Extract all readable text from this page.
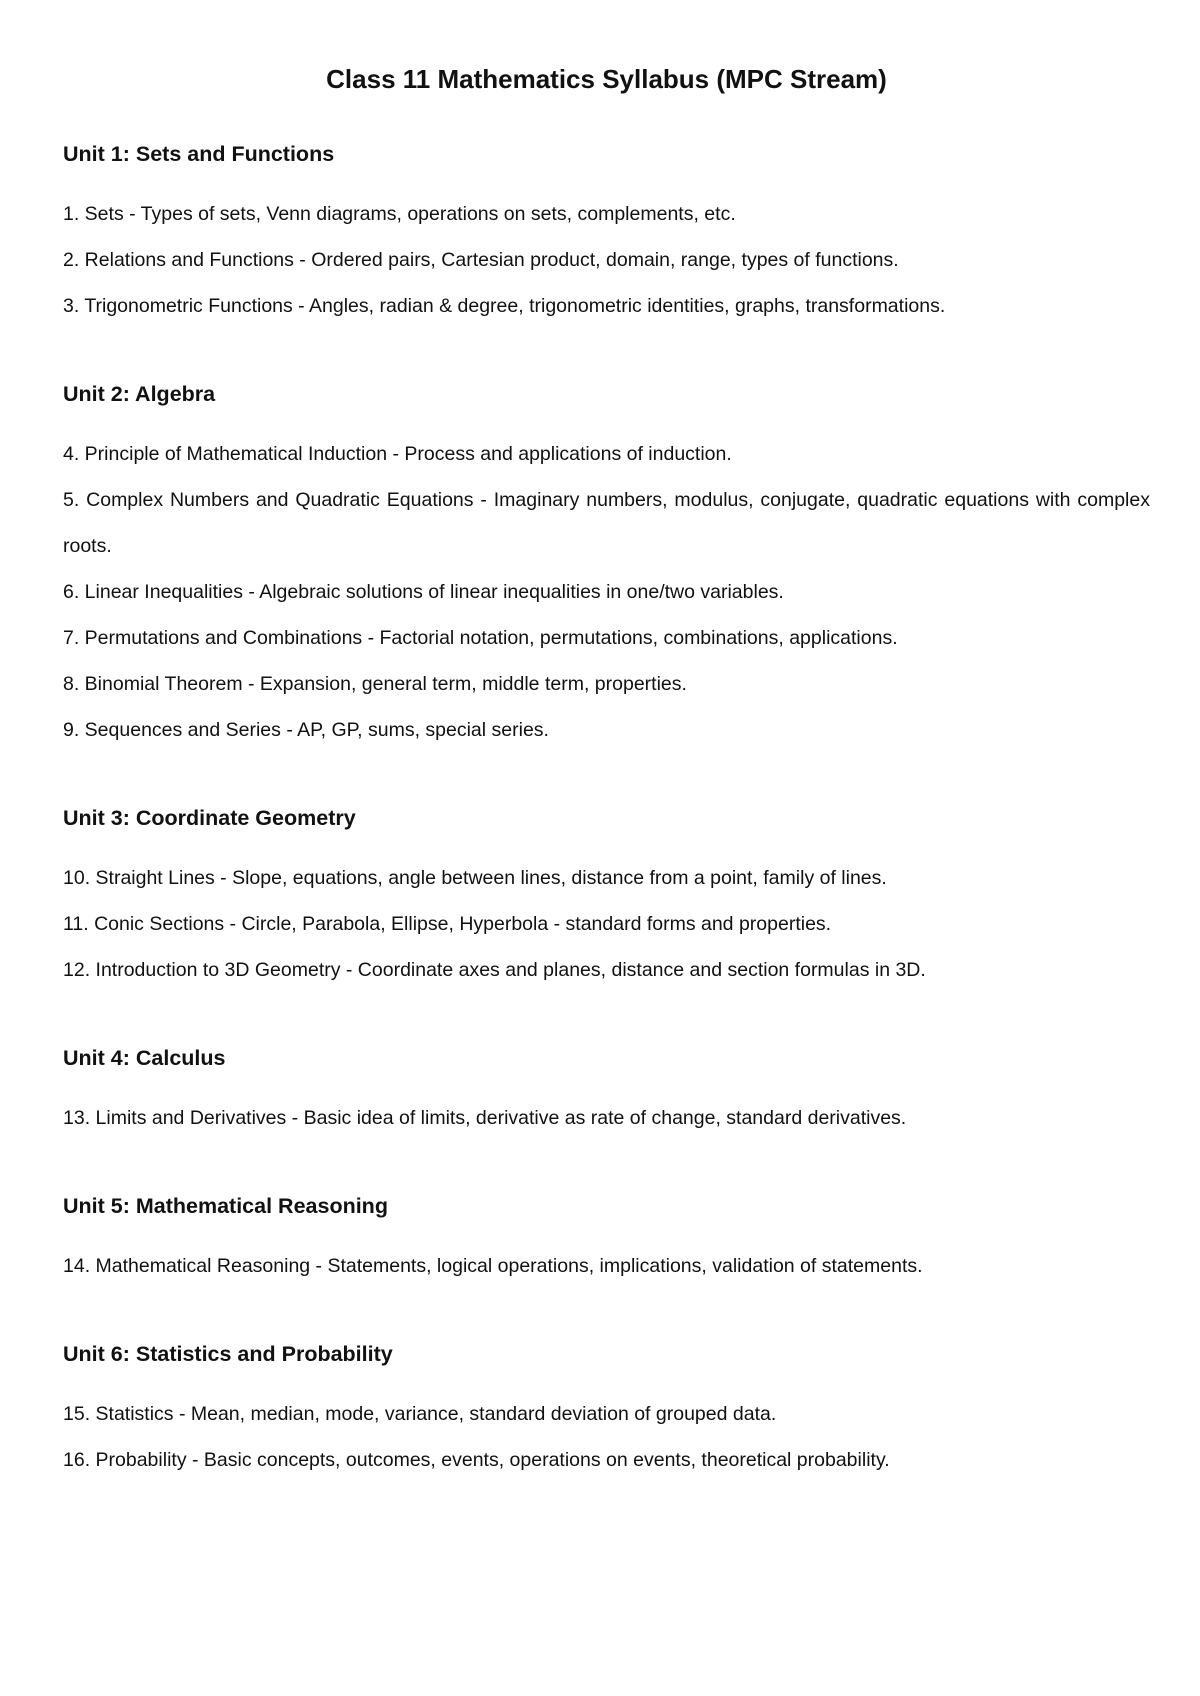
Class 11 Mathematics Syllabus (MPC Stream)
Unit 1: Sets and Functions

1. Sets - Types of sets, Venn diagrams, operations on sets, complements, etc.

2. Relations and Functions - Ordered pairs, Cartesian product, domain, range, types of functions.

3. Trigonometric Functions - Angles, radian & degree, trigonometric identities, graphs, transformations.

Unit 2: Algebra

4. Principle of Mathematical Induction - Process and applications of induction.

5. Complex Numbers and Quadratic Equations - Imaginary numbers, modulus, conjugate, quadratic equations with complex roots.

6. Linear Inequalities - Algebraic solutions of linear inequalities in one/two variables.

7. Permutations and Combinations - Factorial notation, permutations, combinations, applications.

8. Binomial Theorem - Expansion, general term, middle term, properties.

9. Sequences and Series - AP, GP, sums, special series.

Unit 3: Coordinate Geometry

10. Straight Lines - Slope, equations, angle between lines, distance from a point, family of lines.

11. Conic Sections - Circle, Parabola, Ellipse, Hyperbola - standard forms and properties.

12. Introduction to 3D Geometry - Coordinate axes and planes, distance and section formulas in 3D.

Unit 4: Calculus

13. Limits and Derivatives - Basic idea of limits, derivative as rate of change, standard derivatives.

Unit 5: Mathematical Reasoning

14. Mathematical Reasoning - Statements, logical operations, implications, validation of statements.

Unit 6: Statistics and Probability

15. Statistics - Mean, median, mode, variance, standard deviation of grouped data.

16. Probability - Basic concepts, outcomes, events, operations on events, theoretical probability.
